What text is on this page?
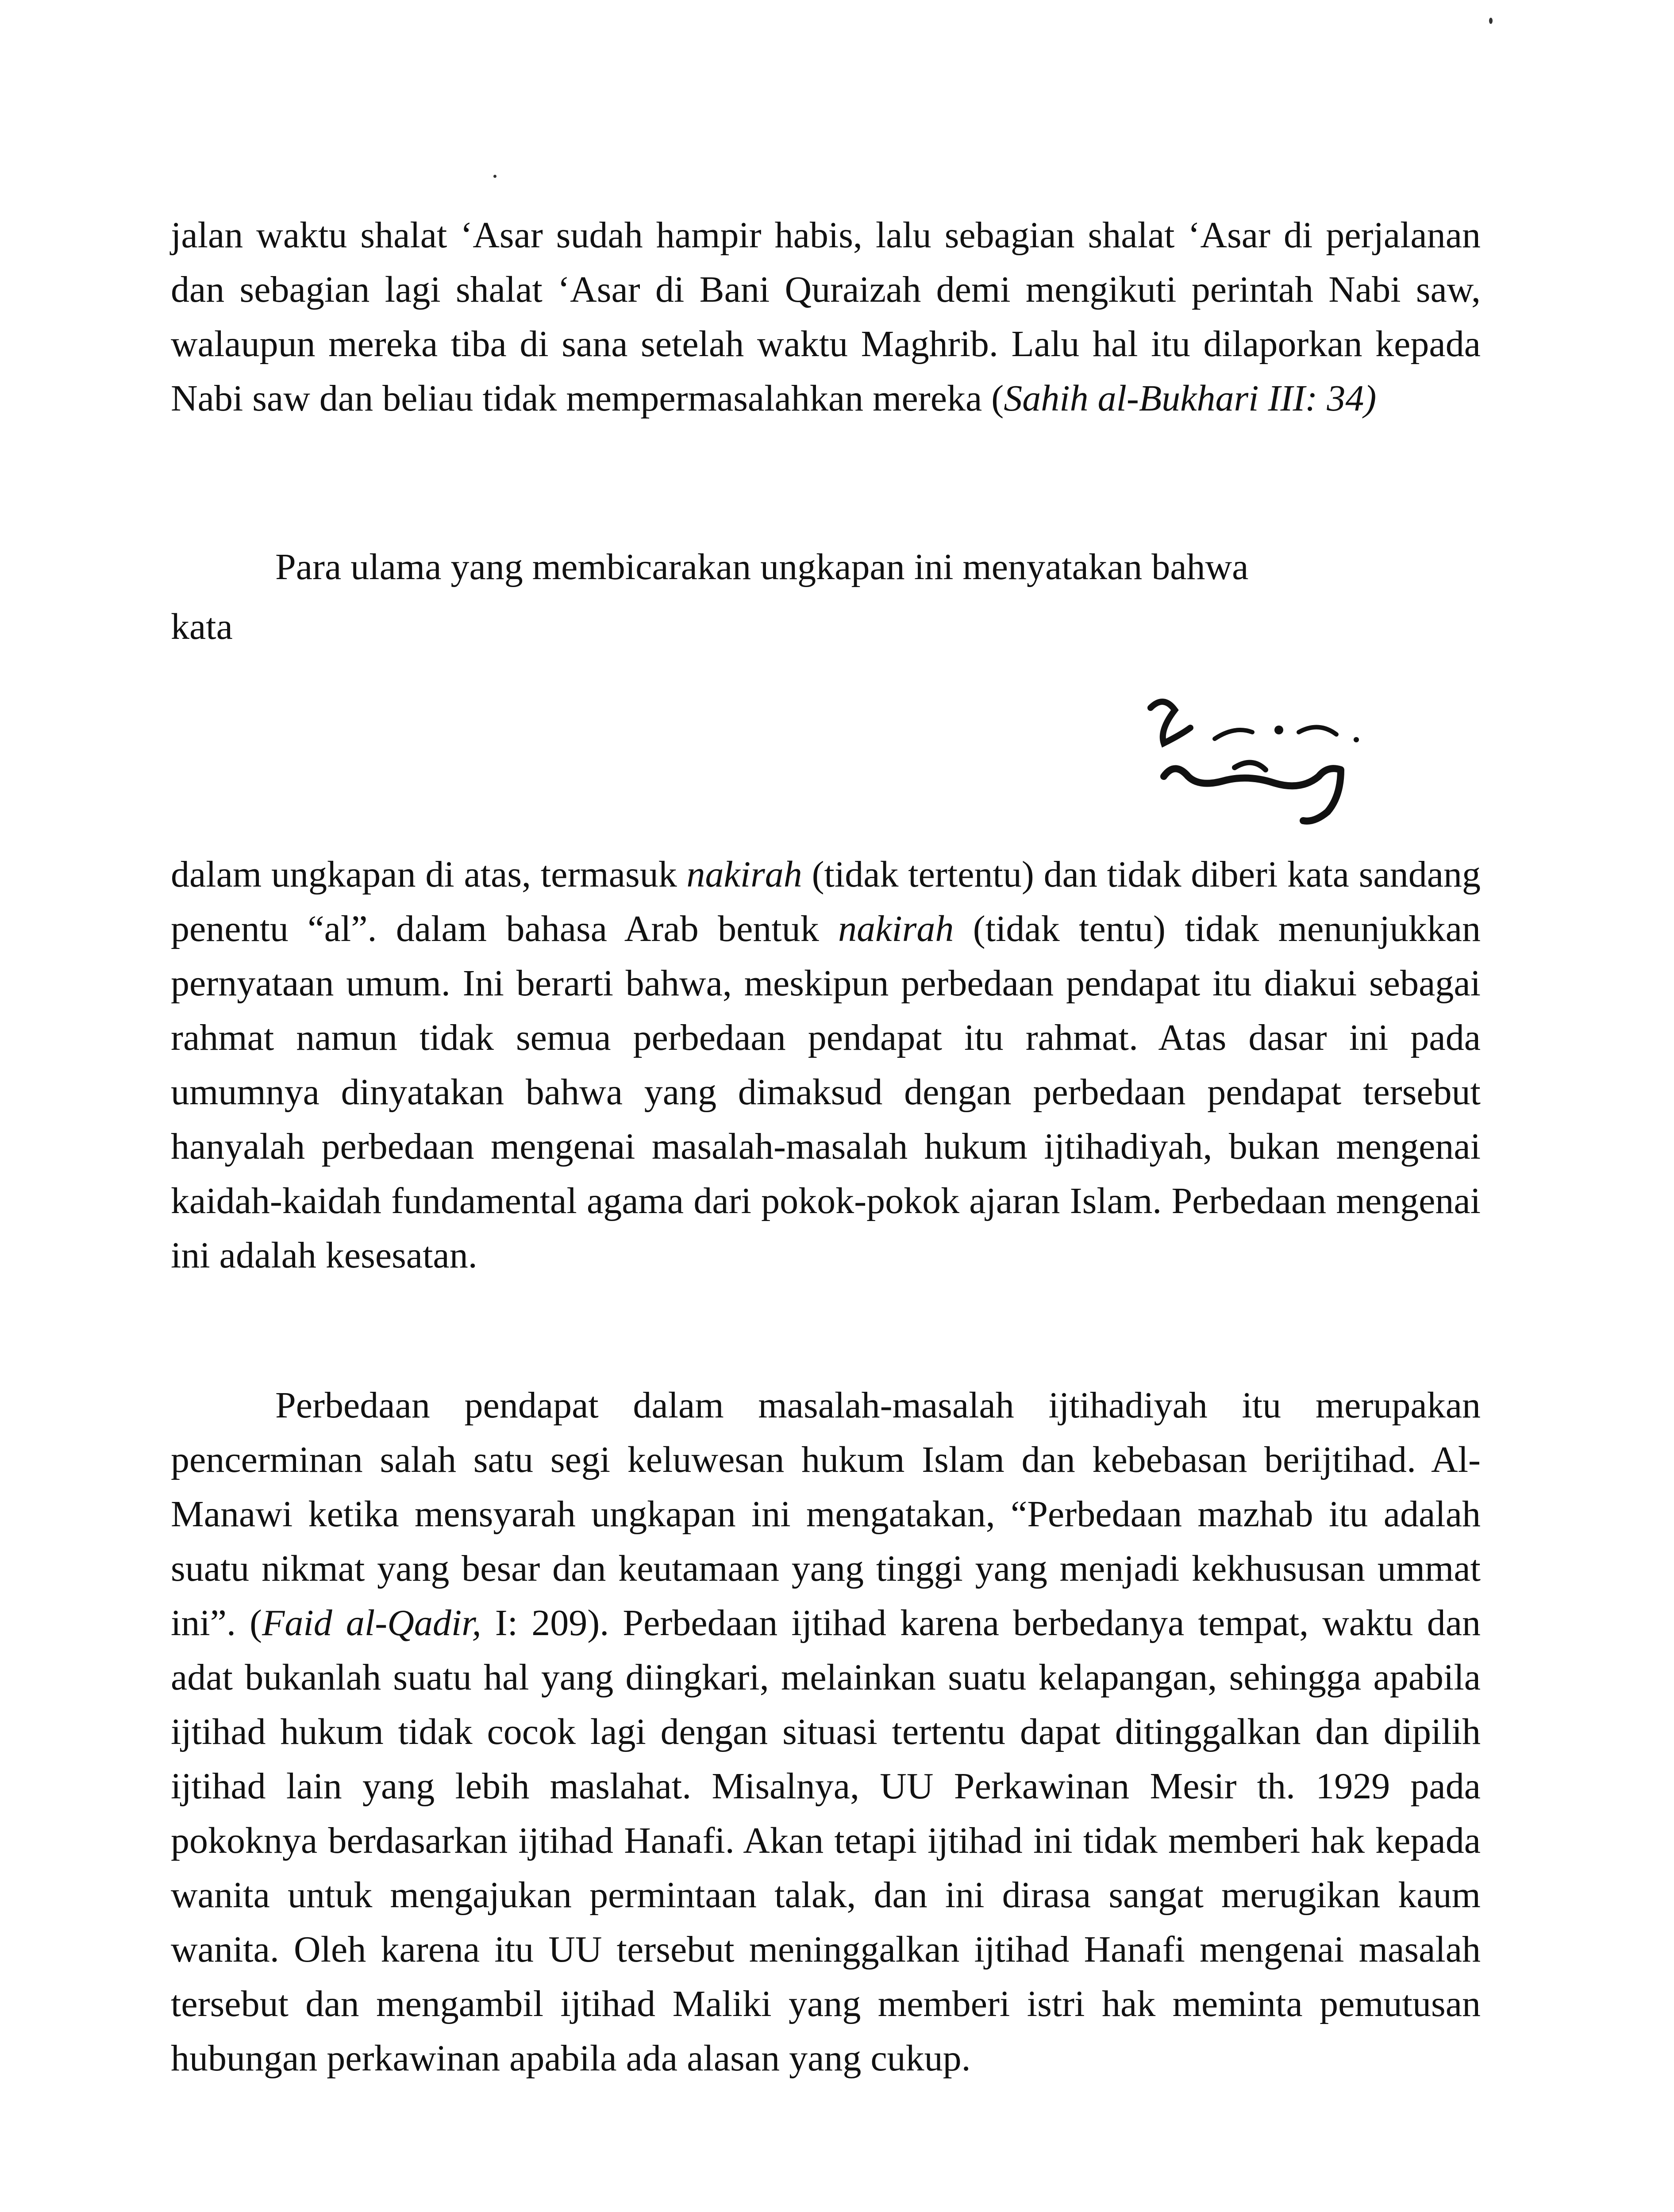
jalan waktu shalat ‘Asar sudah hampir habis, lalu sebagian shalat ‘Asar di perjalanan dan sebagian lagi shalat ‘Asar di Bani Quraizah demi mengikuti perintah Nabi saw, walaupun mereka tiba di sana setelah waktu Maghrib. Lalu hal itu dilaporkan kepada Nabi saw dan beliau tidak mempermasalahkan mereka (Sahih al-Bukhari III: 34)

Para ulama yang membicarakan ungkapan ini menyatakan bahwa

kata

dalam ungkapan di atas, termasuk nakirah (tidak tertentu) dan tidak diberi kata sandang penentu “al”. dalam bahasa Arab bentuk nakirah (tidak tentu) tidak menunjukkan pernyataan umum. Ini berarti bahwa, meskipun perbedaan pendapat itu diakui sebagai rahmat namun tidak semua perbedaan pendapat itu rahmat. Atas dasar ini pada umumnya dinyatakan bahwa yang dimaksud dengan perbedaan pendapat tersebut hanyalah perbedaan mengenai masalah-masalah hukum ijtihadiyah, bukan mengenai kaidah-kaidah fundamental agama dari pokok-pokok ajaran Islam. Perbedaan mengenai ini adalah kesesatan.

Perbedaan pendapat dalam masalah-masalah ijtihadiyah itu merupakan pencerminan salah satu segi keluwesan hukum Islam dan kebebasan berijtihad. Al-Manawi ketika mensyarah ungkapan ini mengatakan, “Perbedaan mazhab itu adalah suatu nikmat yang besar dan keutamaan yang tinggi yang menjadi kekhususan ummat ini”. (Faid al-Qadir, I: 209). Perbedaan ijtihad karena berbedanya tempat, waktu dan adat bukanlah suatu hal yang diingkari, melainkan suatu kelapangan, sehingga apabila ijtihad hukum tidak cocok lagi dengan situasi tertentu dapat ditinggalkan dan dipilih ijtihad lain yang lebih maslahat. Misalnya, UU Perkawinan Mesir th. 1929 pada pokoknya berdasarkan ijtihad Hanafi. Akan tetapi ijtihad ini tidak memberi hak kepada wanita untuk mengajukan permintaan talak, dan ini dirasa sangat merugikan kaum wanita. Oleh karena itu UU tersebut meninggalkan ijtihad Hanafi mengenai masalah tersebut dan mengambil ijtihad Maliki yang memberi istri hak meminta pemutusan hubungan perkawinan apabila ada alasan yang cukup.
